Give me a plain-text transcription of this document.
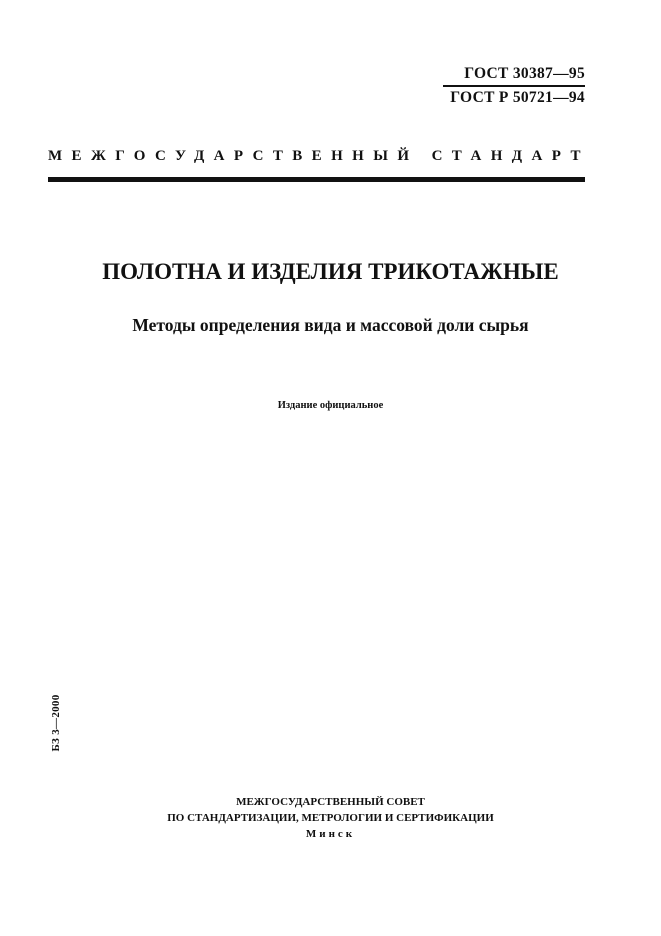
ГОСТ 30387—95
ГОСТ Р 50721—94
МЕЖГОСУДАРСТВЕННЫЙ СТАНДАРТ
ПОЛОТНА И ИЗДЕЛИЯ ТРИКОТАЖНЫЕ
Методы определения вида и массовой доли сырья
Издание официальное
БЗ 3—2000
МЕЖГОСУДАРСТВЕННЫЙ СОВЕТ
ПО СТАНДАРТИЗАЦИИ, МЕТРОЛОГИИ И СЕРТИФИКАЦИИ
Минск
